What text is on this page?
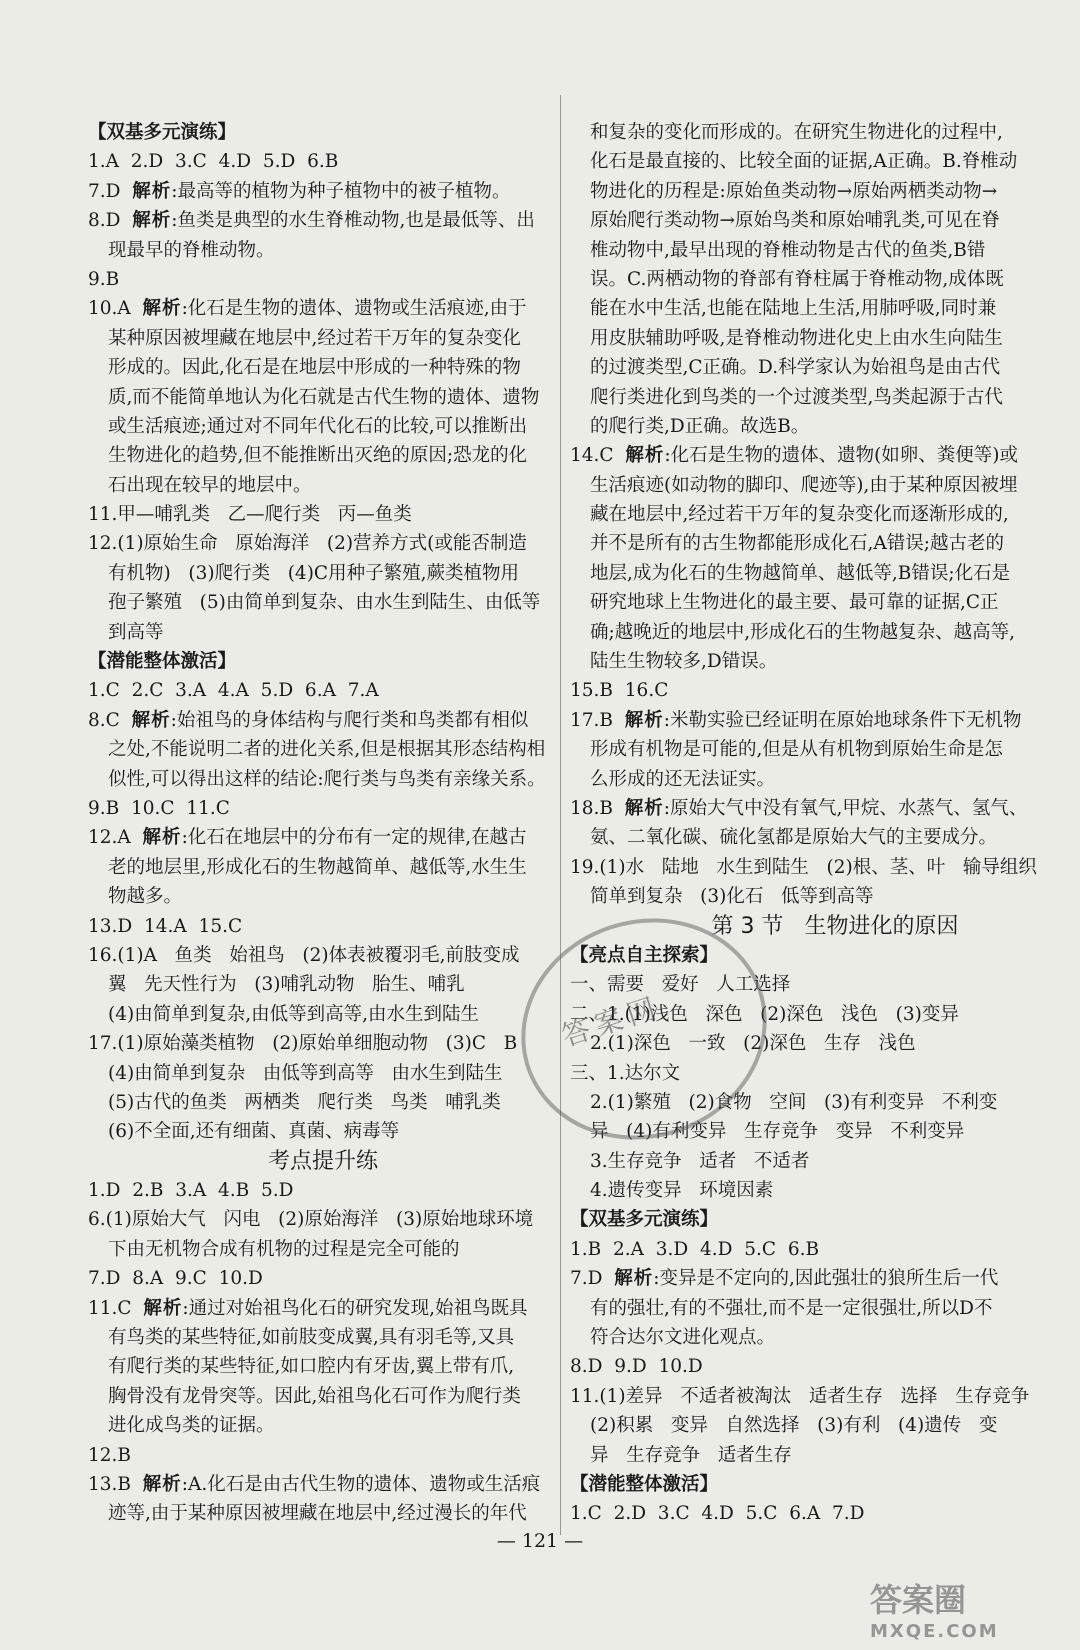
【双基多元演练】
1.A  2.D  3.C  4.D  5.D  6.B
7.D  解析:最高等的植物为种子植物中的被子植物。
8.D  解析:鱼类是典型的水生脊椎动物,也是最低等、出
现最早的脊椎动物。
9.B
10.A  解析:化石是生物的遗体、遗物或生活痕迹,由于
某种原因被埋藏在地层中,经过若干万年的复杂变化
形成的。因此,化石是在地层中形成的一种特殊的物
质,而不能简单地认为化石就是古代生物的遗体、遗物
或生活痕迹;通过对不同年代化石的比较,可以推断出
生物进化的趋势,但不能推断出灭绝的原因;恐龙的化
石出现在较早的地层中。
11.甲—哺乳类   乙—爬行类   丙—鱼类
12.(1)原始生命   原始海洋   (2)营养方式(或能否制造
有机物)   (3)爬行类   (4)C用种子繁殖,蕨类植物用
孢子繁殖   (5)由简单到复杂、由水生到陆生、由低等
到高等
【潜能整体激活】
1.C  2.C  3.A  4.A  5.D  6.A  7.A
8.C  解析:始祖鸟的身体结构与爬行类和鸟类都有相似
之处,不能说明二者的进化关系,但是根据其形态结构相
似性,可以得出这样的结论:爬行类与鸟类有亲缘关系。
9.B  10.C  11.C
12.A  解析:化石在地层中的分布有一定的规律,在越古
老的地层里,形成化石的生物越简单、越低等,水生生
物越多。
13.D  14.A  15.C
16.(1)A   鱼类   始祖鸟   (2)体表被覆羽毛,前肢变成
翼   先天性行为   (3)哺乳动物   胎生、哺乳
(4)由简单到复杂,由低等到高等,由水生到陆生
17.(1)原始藻类植物   (2)原始单细胞动物   (3)C   B
(4)由简单到复杂   由低等到高等   由水生到陆生
(5)古代的鱼类   两栖类   爬行类   鸟类   哺乳类
(6)不全面,还有细菌、真菌、病毒等
考点提升练
1.D  2.B  3.A  4.B  5.D
6.(1)原始大气   闪电   (2)原始海洋   (3)原始地球环境
下由无机物合成有机物的过程是完全可能的
7.D  8.A  9.C  10.D
11.C  解析:通过对始祖鸟化石的研究发现,始祖鸟既具
有鸟类的某些特征,如前肢变成翼,具有羽毛等,又具
有爬行类的某些特征,如口腔内有牙齿,翼上带有爪,
胸骨没有龙骨突等。因此,始祖鸟化石可作为爬行类
进化成鸟类的证据。
12.B
13.B  解析:A.化石是由古代生物的遗体、遗物或生活痕
迹等,由于某种原因被埋藏在地层中,经过漫长的年代
和复杂的变化而形成的。在研究生物进化的过程中,
化石是最直接的、比较全面的证据,A正确。B.脊椎动
物进化的历程是:原始鱼类动物→原始两栖类动物→
原始爬行类动物→原始鸟类和原始哺乳类,可见在脊
椎动物中,最早出现的脊椎动物是古代的鱼类,B错
误。C.两栖动物的脊部有脊柱属于脊椎动物,成体既
能在水中生活,也能在陆地上生活,用肺呼吸,同时兼
用皮肤辅助呼吸,是脊椎动物进化史上由水生向陆生
的过渡类型,C正确。D.科学家认为始祖鸟是由古代
爬行类进化到鸟类的一个过渡类型,鸟类起源于古代
的爬行类,D正确。故选B。
14.C  解析:化石是生物的遗体、遗物(如卵、粪便等)或
生活痕迹(如动物的脚印、爬迹等),由于某种原因被埋
藏在地层中,经过若干万年的复杂变化而逐渐形成的,
并不是所有的古生物都能形成化石,A错误;越古老的
地层,成为化石的生物越简单、越低等,B错误;化石是
研究地球上生物进化的最主要、最可靠的证据,C正
确;越晚近的地层中,形成化石的生物越复杂、越高等,
陆生生物较多,D错误。
15.B  16.C
17.B  解析:米勒实验已经证明在原始地球条件下无机物
形成有机物是可能的,但是从有机物到原始生命是怎
么形成的还无法证实。
18.B  解析:原始大气中没有氧气,甲烷、水蒸气、氢气、
氨、二氧化碳、硫化氢都是原始大气的主要成分。
19.(1)水   陆地   水生到陆生   (2)根、茎、叶   输导组织
简单到复杂   (3)化石   低等到高等
第 3 节   生物进化的原因
【亮点自主探索】
一、需要   爱好   人工选择
二、1.(1)浅色   深色   (2)深色   浅色   (3)变异
2.(1)深色   一致   (2)深色   生存   浅色
三、1.达尔文
2.(1)繁殖   (2)食物   空间   (3)有利变异   不利变
异   (4)有利变异   生存竞争   变异   不利变异
3.生存竞争   适者   不适者
4.遗传变异   环境因素
【双基多元演练】
1.B  2.A  3.D  4.D  5.C  6.B
7.D  解析:变异是不定向的,因此强壮的狼所生后一代
有的强壮,有的不强壮,而不是一定很强壮,所以D不
符合达尔文进化观点。
8.D  9.D  10.D
11.(1)差异   不适者被淘汰   适者生存   选择   生存竞争
(2)积累   变异   自然选择   (3)有利   (4)遗传   变
异   生存竞争   适者生存
【潜能整体激活】
1.C  2.D  3.C  4.D  5.C  6.A  7.D
— 121 —
答案网
答案圈
MXQE.COM
